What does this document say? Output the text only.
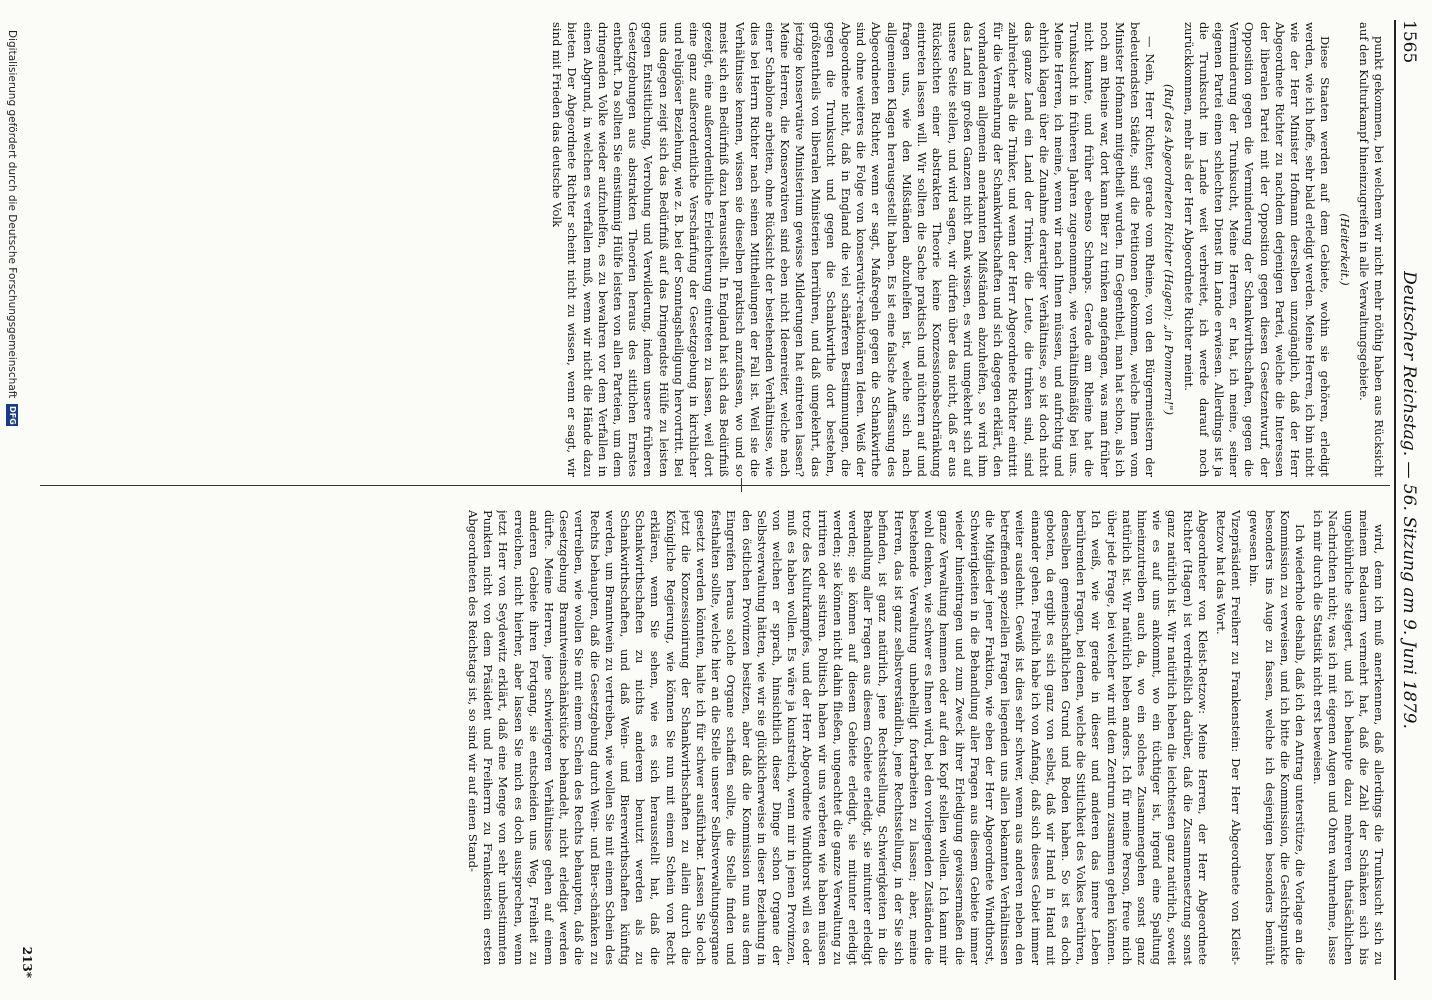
1565
Deutscher Reichstag. — 56. Sitzung am 9. Juni 1879.

punkt gekommen, bei welchem wir nicht mehr nöthig haben aus Rücksicht auf den Kulturkampf hineinzugreifen in alle Verwaltungsgebiete.

(Heiterkeit.)

Diese Staaten werden auf dem Gebiete, wohin sie gehören, erledigt werden, wie ich hoffe, sehr bald erledigt werden. Meine Herren, ich bin nicht wie der Herr Minister Hofmann derselben unzugänglich, daß der Herr Abgeordnete Richter zu nachdem derjenigen Partei, welche die Interessen der liberalen Partei mit der Opposition gegen diesen Gesetzentwurf, der Opposition gegen die Verminderung der Schankwirthschaften, gegen die Verminderung der Trunksucht, Meine Herren, er hat, ich meine, seiner eigenen Partei einen schlechten Dienst im Lande erwiesen. Allerdings ist ja die Trunksucht im Lande weit verbreitet, ich werde darauf noch zurückkommen, mehr als der Herr Abgeordnete Richter meint.

(Ruf des Abgeordneten Richter (Hagen): „in Pommern!")

— Nein, Herr Richter, gerade vom Rheine, von den Bürgermeistern der bedeutendsten Städte, sind die Petitionen gekommen, welche Ihnen vom Minister Hofmann mitgetheilt wurden. Im Gegentheil, man hat schon, als ich noch am Rheine war, dort kann Bier zu trinken angefangen, was man früher nicht kannte, und früher ebenso Schnaps. Gerade am Rheine hat die Trunksucht in früheren Jahren zugenommen, wie verhältnißmäßig bei uns. Meine Herren, ich meine, wenn wir nach Ihnen müssen, und aufrichtig und ehrlich klagen über die Zunahme derartiger Verhältnisse, so ist doch nicht das ganze Land ein Land der Trinker, die Leute, die trinken sind, sind zahlreicher als die Trinker, und wenn der Herr Abgeordnete Richter eintritt für die Vermehrung der Schankwirthschaften und sich dagegen erklärt, den vorhandenen allgemein anerkannten Mißständen abzuhelfen, so wird ihm das Land im großen Ganzen nicht Dank wissen, es wird umgekehrt sich auf unsere Seite stellen, und wird sagen, wir dürfen über das nicht, daß er aus Rücksichten einer abstrakten Theorie keine Konzessionsbeschränkung eintreten lassen will. Wir sollten die Sache praktisch und nüchtern auf und fragen uns, wie den Mißständen abzuhelfen ist, welche sich nach allgemeinen Klagen herausgestellt haben. Es ist eine falsche Auffassung des Abgeordneten Richter, wenn er sagt, Maßregeln gegen die Schankwirthe sind ohne weiteres die Folge von konservativ-reaktionären Ideen. Weiß der Abgeordnete nicht, daß in England die viel schärferen Bestimmungen, die gegen die Trunksucht und gegen die Schankwirthe dort bestehen, größtentheils von liberalen Ministerien herrühren, und daß umgekehrt, das jetzige konservative Ministerium gewisse Milderungen hat eintreten lassen? Meine Herren, die Konservativen sind eben nicht Ideenreiter, welche nach einer Schablone arbeiten, ohne Rücksicht der bestehenden Verhältnisse, wie dies bei Herrn Richter nach seinen Mittheilungen der Fall ist. Weil sie die Verhältnisse kennen, wissen sie dieselben praktisch anzufassen, wo und so meist sich ein Bedürfniß dazu herausstellt. In England hat sich das Bedürfniß gezeigt, eine außerordentliche Erleichterung eintreten zu lassen, weil dort eine ganz außerordentliche Verschärfung der Gesetzgebung in kirchlicher und religiöser Beziehung, wie z. B. bei der Sonntagsheiligung hervortritt. Bei uns dagegen zeigt sich das Bedürfniß auf das Dringendste Hülfe zu leisten gegen Entsittlichung, Verrohung und Verwilderung, indem unsere früheren Gesetzgebungen aus abstrakten Theorien heraus des sittlichen Ernstes entbehrt. Da sollten Sie einstimmig Hülfe leisten von allen Parteien, um dem dringenden Volke wieder aufzuhelfen, es zu bewahren vor dem Verfallen in einen Abgrund, in welchen es verfallen muß, wenn wir nicht die Hände dazu bieten. Der Abgeordnete Richter scheint nicht zu wissen, wenn er sagt, wir sind mit Frieden das deutsche Volk

wird, denn ich muß anerkennen, daß allerdings die Trunksucht sich zu meinem Bedauern vermehrt hat, daß die Zahl der Schänken sich bis ungebührliche steigert, und ich behaupte dazu mehreren thatsächlichen Nachrichten nicht; was ich mit eigenen Augen und Ohren wahrnehme, lasse ich mir durch die Statistik nicht erst beweisen.

Ich wiederhole deshalb, daß ich den Antrag unterstütze, die Vorlage an die Kommission zu verweisen, und ich bitte die Kommission, die Gesichtspunkte besonders ins Auge zu fassen, welche ich desjenigen besonders bemüht gewesen bin.

Vizepräsident Freiherr zu Frankenstein: Der Herr Abgeordnete von Kleist-Retzow hat das Wort.

Abgeordneter von Kleist-Retzow: Meine Herren, der Herr Abgeordnete Richter (Hagen) ist verdrießlich darüber, daß die Zusammensetzung sonst ganz natürlich ist. Wir natürlich heben die leichtesten ganz natürlich, soweit wie es auf uns ankommt, wo ein tüchtiger ist, irgend eine Spaltung hineinzutreiben auch da, wo ein solches Zusammengehen sonst ganz natürlich ist. Wir natürlich heben anders. Ich für meine Person, freue mich über jede Frage, bei welcher wir mit dem Zentrum zusammen gehen können. Ich weiß, wie wir gerade in dieser und anderen das innere Leben berührenden Fragen, bei denen, welche die Sittlichkeit des Volkes berühren, denselben gemeinschaftlichen Grund und Boden haben. So ist es doch geboten, da ergibt es sich ganz von selbst, daß wir Hand in Hand mit einander gehen. Freilich habe ich von Anfang, daß sich dieses Gebiet immer weiter ausdehnt. Gewiß ist dies sehr schwer, wenn aus anderen neben den betreffenden speziellen Fragen liegenden uns allen bekannten Verhältnissen die Mitglieder jener Fraktion, wie eben der Herr Abgeordnete Windthorst, Schwierigkeiten in die Behandlung aller Fragen aus diesem Gebiete immer wieder hineintragen und zum Zweck ihrer Erledigung gewissermaßen die ganze Verwaltung hemmen oder auf den Kopf stellen wollen. Ich kann mir wohl denken, wie schwer es Ihnen wird, bei den vorliegenden Zuständen die bestehende Verwaltung unbehelligt fortarbeiten zu lassen; aber, meine Herren, das ist ganz selbstverständlich, jene Rechtsstellung, in der Sie sich befinden, ist ganz natürlich, jene Rechtsstellung, Schwierigkeiten in die Behandlung aller Fragen aus diesem Gebiete erledigt, sie mitunter erledigt werden; sie können auf diesem Gebiete erledigt, sie mitunter erledigt werden; sie können nicht dahin fließen, ungeachtet die ganze Verwaltung zu irritiren oder sistiren. Politisch haben wir uns verbeten wie haben müssen trotz des Kulturkampfes, und der Herr Abgeordnete Windthorst will es oder muß es haben wollen. Es wäre ja kunstreich, wenn mir in jenen Provinzen, von welchen er sprach, hinsichtlich dieser Dinge schon Organe der Selbstverwaltung hätten, wie wir sie glücklicherweise in dieser Beziehung in den östlichen Provinzen besitzen, aber daß die Kommission nun aus dem Eingreifen heraus solche Organe schaffen sollte, die Stelle finden und festhalten sollte, welche hier an die Stelle unserer Selbstverwaltungsorgane gesetzt werden könnten, halte ich für schwer ausführbar. Lassen Sie doch jetzt die Konzessionirung der Schankwirthschaften zu allein durch die Königliche Regierung, wie können Sie nun mit einem Schein von Recht erklären, wenn Sie sehen, wie es sich herausstellt hat, daß die Schankwirthschaften zu nichts anderem benutzt werden als zu Schankwirthschaften, und daß Wein- und Biererwirthschaften künftig werden, um Branntwein zu vertreiben, wie wollen Sie mit einem Schein des Rechts behaupten, daß die Gesetzgebung durch Wein- und Bier-schänken zu vertreiben, wie wollen Sie mit einem Schein des Rechts behaupten, daß die Gesetzgebung Branntweinschänkstücke behandelt, nicht erledigt werden dürfte. Meine Herren, jene schwierigeren Verhältnisse gehen auf einem anderen Gebiete ihren Fortgang, sie entscheiden uns Weg, Freiheit zu erreichen, nicht hierher, aber lassen Sie mich es doch aussprechen, wenn jetzt Herr von Seydewitz erklärt, daß eine Menge von sehr unbestimmten Punkten nicht von dem Präsident und Freiherrn zu Frankenstein ersten Abgeordneten des Reichstags ist, so sind wir auf einen Stand-

213*
Digitalisierung gefördert durch die Deutsche Forschungsgemeinschaft
DFG
